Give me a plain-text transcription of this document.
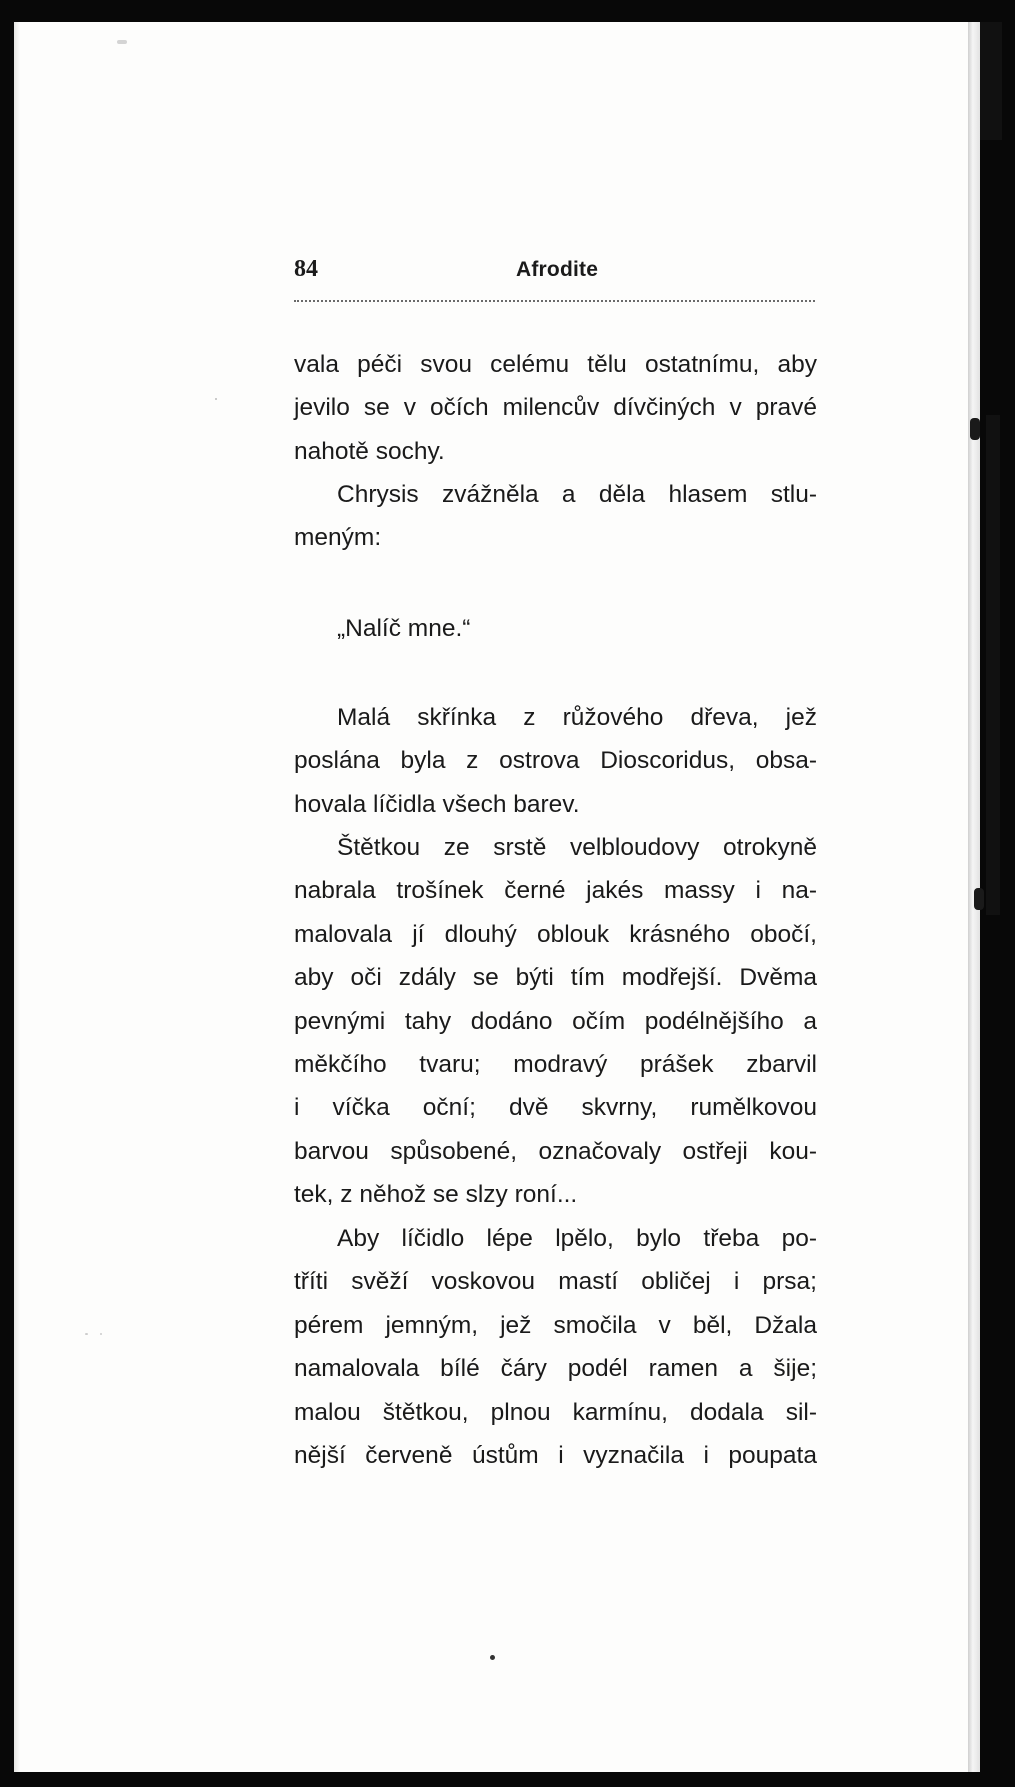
84	Afrodite
vala péči svou celému tělu ostatnímu, aby
jevilo se v očích milencův dívčiných v pravé
nahotě sochy.
Chrysis zvážněla a děla hlasem stlu-
meným:
„Nalíč mne.“
Malá skřínka z růžového dřeva, jež
poslána byla z ostrova Dioscoridus, obsa-
hovala líčidla všech barev.
Štětkou ze srstě velbloudovy otrokyně
nabrala trošínek černé jakés massy i na-
malovala jí dlouhý oblouk krásného obočí,
aby oči zdály se býti tím modřejší. Dvěma
pevnými tahy dodáno očím podélnějšího a
měkčího tvaru; modravý prášek zbarvil
i víčka oční; dvě skvrny, rumělkovou
barvou spůsobené, označovaly ostřeji kou-
tek, z něhož se slzy roní...
Aby líčidlo lépe lpělo, bylo třeba po-
tříti svěží voskovou mastí obličej i prsa;
pérem jemným, jež smočila v běl, Džala
namalovala bílé čáry podél ramen a šije;
malou štětkou, plnou karmínu, dodala sil-
nější červeně ústům i vyznačila i poupata
